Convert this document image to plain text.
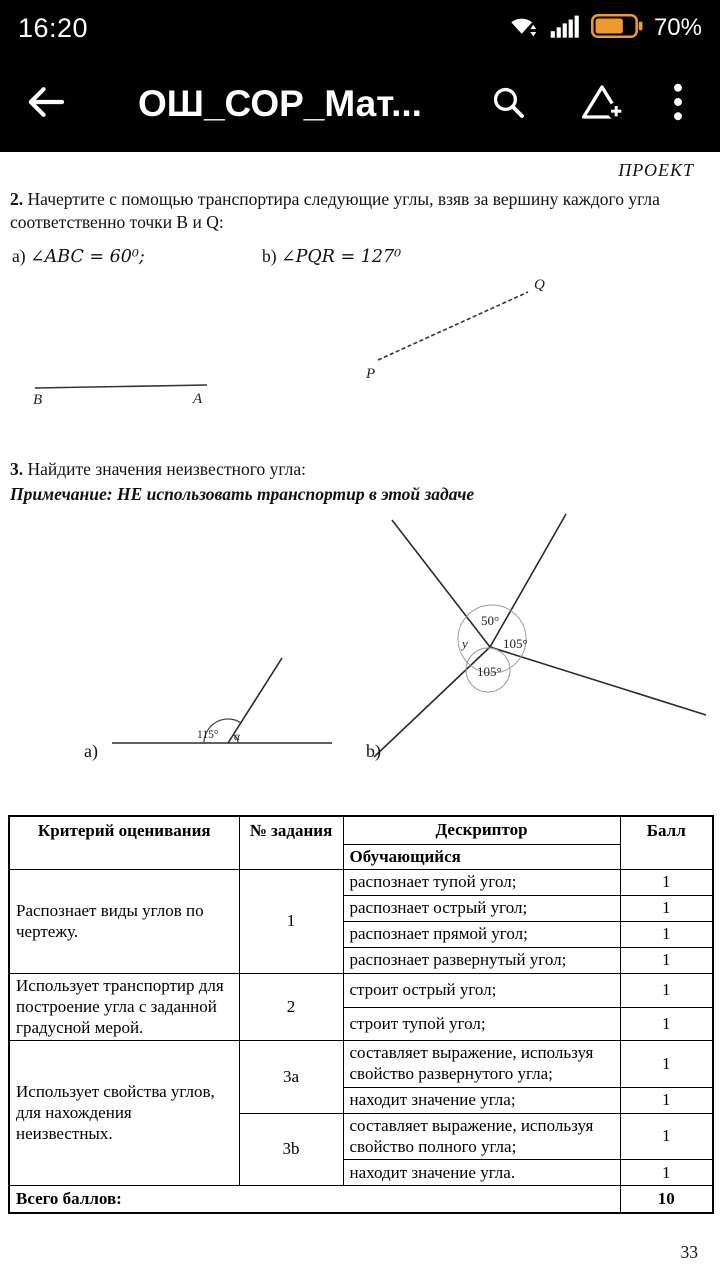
16:20	70%
ОШ_СОР_Мат...
ПРОЕКТ
2. Начертите с помощью транспортира следующие углы, взяв за вершину каждого угла соответственно точки B и Q:
a) ∠ABC = 60⁰;	b) ∠PQR = 127⁰
Q
P
B	A
3. Найдите значения неизвестного угла:
Примечание: НЕ использовать транспортир в этой задаче
50°
105°
105°
y
115° α
a)	b)
Критерий оценивания	№ задания	Дескриптор	Балл
		Обучающийся	
Распознает виды углов по чертежу.	1	распознает тупой угол;	1
		распознает острый угол;	1
		распознает прямой угол;	1
		распознает развернутый угол;	1
Использует транспортир для построение угла с заданной градусной мерой.	2	строит острый угол;	1
		строит тупой угол;	1
Использует свойства углов, для нахождения неизвестных.	3a	составляет выражение, используя свойство развернутого угла;	1
		находит значение угла;	1
	3b	составляет выражение, используя свойство полного угла;	1
		находит значение угла.	1
Всего баллов:			10
33
